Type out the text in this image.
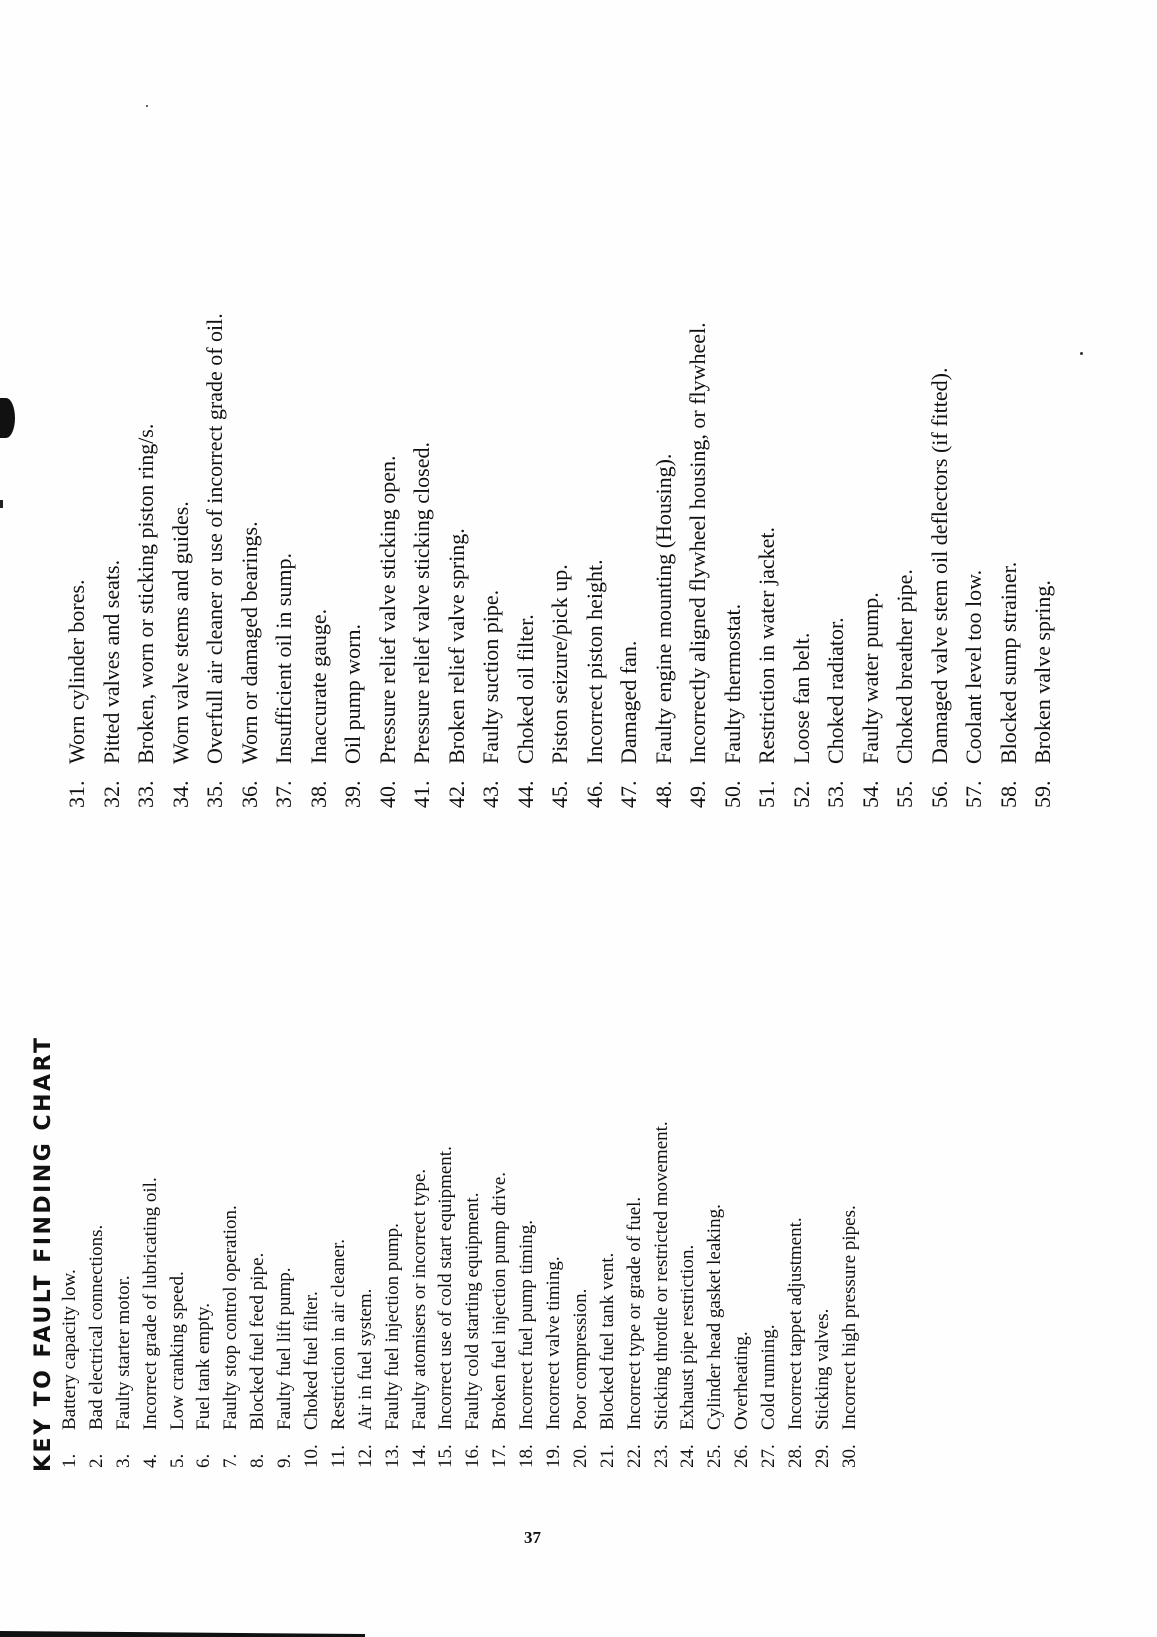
KEY TO FAULT FINDING CHART 1.
Battery capacity low.
2.
Bad electrical connections.
3.
Faulty starter motor.
4.
Incorrect grade of lubricating oil.
5.
Low cranking speed.
6.
Fuel tank empty.
7.
Faulty stop control operation.
8.
Blocked fuel feed pipe.
9.
Faulty fuel lift pump.
10.
Choked fuel filter.
11.
Restriction in air cleaner.
12.
Air in fuel system.
13.
Faulty fuel injection pump.
14.
Faulty atomisers or incorrect type.
15.
Incorrect use of cold start equipment.
16.
Faulty cold starting equipment.
17.
Broken fuel injection pump drive.
18.
Incorrect fuel pump timing.
19.
Incorrect valve timing.
20.
Poor compression.
21.
Blocked fuel tank vent.
22.
Incorrect type or grade of fuel.
23.
Sticking throttle or restricted movement.
24.
Exhaust pipe restriction.
25.
Cylinder head gasket leaking.
26.
Overheating.
27.
Cold running.
28.
Incorrect tappet adjustment.
29.
Sticking valves.
30.
Incorrect high pressure pipes.
31.
Worn cylinder bores.
32.
Pitted valves and seats.
33.
Broken, worn or sticking piston ring/s.
34.
Worn valve stems and guides.
35.
Overfull air cleaner or use of incorrect grade of oil.
36.
Worn or damaged bearings.
37.
Insufficient oil in sump.
38.
Inaccurate gauge.
39.
Oil pump worn.
40.
Pressure relief valve sticking open.
41.
Pressure relief valve sticking closed.
42.
Broken relief valve spring.
43.
Faulty suction pipe.
44.
Choked oil filter.
45.
Piston seizure/pick up.
46.
Incorrect piston height.
47.
Damaged fan.
48.
Faulty engine mounting (Housing).
49.
Incorrectly aligned flywheel housing, or flywheel.
50.
Faulty thermostat.
51.
Restriction in water jacket.
52.
Loose fan belt.
53.
Choked radiator.
54.
Faulty water pump.
55.
Choked breather pipe.
56.
Damaged valve stem oil deflectors (if fitted).
57.
Coolant level too low.
58.
Blocked sump strainer.
59.
Broken valve spring.
37
